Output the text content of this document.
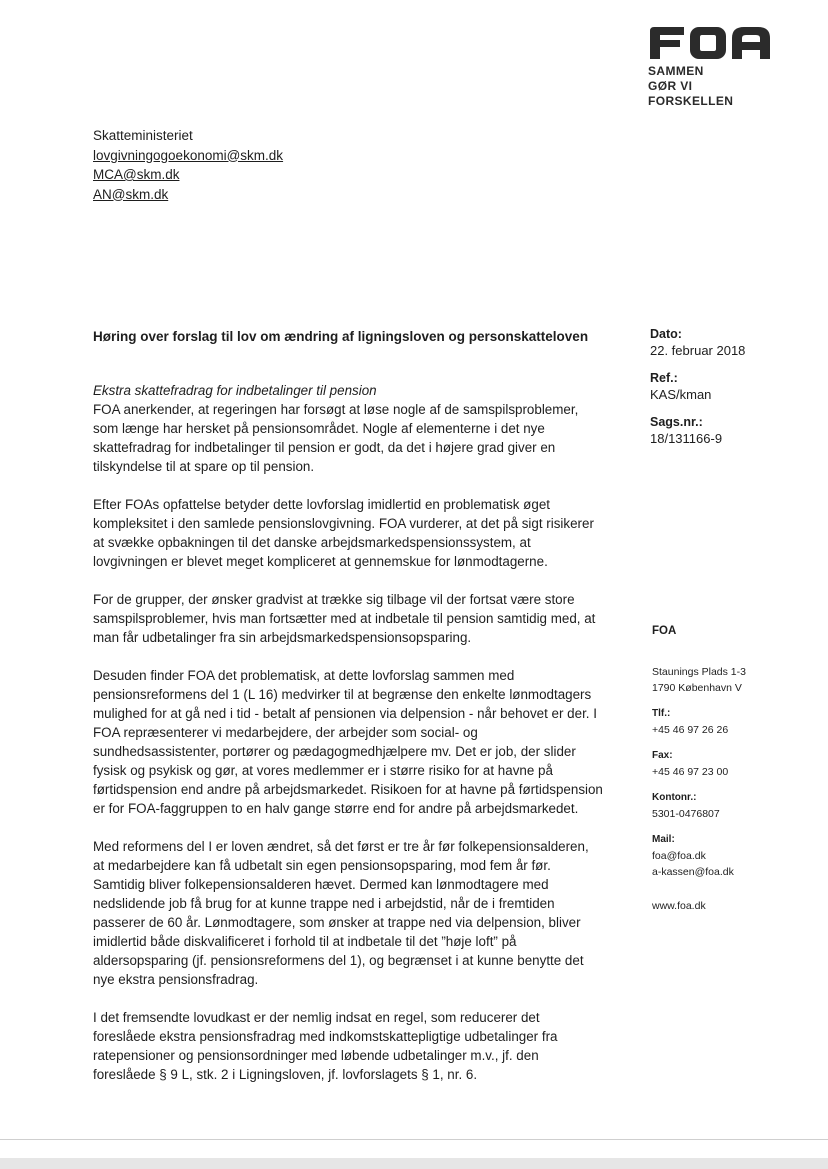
SAMMEN
GØR VI FORSKELLEN
Skatteministeriet
lovgivningogoekonomi@skm.dk
MCA@skm.dk
AN@skm.dk
Høring over forslag til lov om ændring af ligningsloven og personskatteloven	Dato:
22. februar 2018
Ref.:
KAS/kman
Sags.nr.:
18/131166-9

Ekstra skattefradrag for indbetalinger til pension
FOA anerkender, at regeringen har forsøgt at løse nogle af de samspilsproblemer, som længe har hersket på pensionsområdet. Nogle af elementerne i det nye skattefradrag for indbetalinger til pension er godt, da det i højere grad giver en tilskyndelse til at spare op til pension.

Efter FOAs opfattelse betyder dette lovforslag imidlertid en problematisk øget kompleksitet i den samlede pensionslovgivning. FOA vurderer, at det på sigt risikerer at svække opbakningen til det danske arbejdsmarkedspensionssystem, at lovgivningen er blevet meget kompliceret at gennemskue for lønmodtagerne.

For de grupper, der ønsker gradvist at trække sig tilbage vil der fortsat være store samspilsproblemer, hvis man fortsætter med at indbetale til pension samtidig med, at man får udbetalinger fra sin arbejdsmarkedspensionsopsparing.

Desuden finder FOA det problematisk, at dette lovforslag sammen med pensionsreformens del 1 (L 16) medvirker til at begrænse den enkelte lønmodtagers mulighed for at gå ned i tid - betalt af pensionen via delpension - når behovet er der. I FOA repræsenterer vi medarbejdere, der arbejder som social- og sundhedsassistenter, portører og pædagogmedhjælpere mv. Det er job, der slider fysisk og psykisk og gør, at vores medlemmer er i større risiko for at havne på førtidspension end andre på arbejdsmarkedet. Risikoen for at havne på førtidspension er for FOA-faggruppen to en halv gange større end for andre på arbejdsmarkedet.

Med reformens del I er loven ændret, så det først er tre år før folkepensionsalderen, at medarbejdere kan få udbetalt sin egen pensionsopsparing, mod fem år før. Samtidig bliver folkepensionsalderen hævet. Dermed kan lønmodtagere med nedslidende job få brug for at kunne trappe ned i arbejdstid, når de i fremtiden passerer de 60 år. Lønmodtagere, som ønsker at trappe ned via delpension, bliver imidlertid både diskvalificeret i forhold til at indbetale til det ”høje loft” på aldersopsparing (jf. pensionsreformens del 1), og begrænset i at kunne benytte det nye ekstra pensionsfradrag.

I det fremsendte lovudkast er der nemlig indsat en regel, som reducerer det foreslåede ekstra pensionsfradrag med indkomstskattepligtige udbetalinger fra ratepensioner og pensionsordninger med løbende udbetalinger m.v., jf. den foreslåede § 9 L, stk. 2 i Ligningsloven, jf. lovforslagets § 1, nr. 6.

FOA
Staunings Plads 1-3
1790 København V
Tlf.:
+45 46 97 26 26
Fax:
+45 46 97 23 00
Kontonr.:
5301-0476807
Mail:
foa@foa.dk
a-kassen@foa.dk
www.foa.dk
